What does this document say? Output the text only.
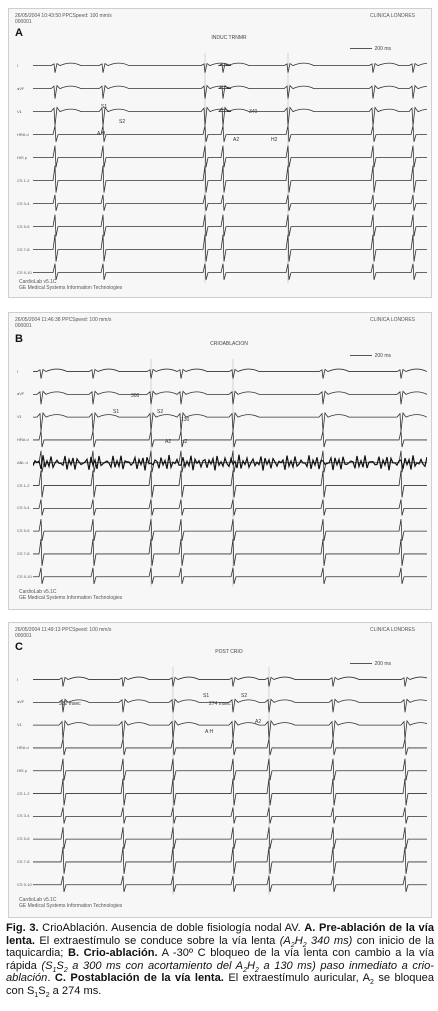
26/05/2004 10:43:50 PPCSpeed: 100 mm/s
000001
CLINICA LONDRES
A	INDUC TRNMR
200 ms
I
aVF
V1
HRA d
HIS p
CS 1-2
CS 3-4
CS 5-6
CS 7-8
CS 9-10
S1
S2
A H
340
A2	H2
CardioLab v5.1C
GE Medical Systems Information Technologies
26/05/2004 11:46:38 PPCSpeed: 100 mm/s
000001
CLINICA LONDRES
B	CRIOABLACION
200 ms
I
aVF
V1
HRA d
ABL d
CS 1-2
CS 3-4
CS 5-6
CS 7-8
CS 9-10
S1
300
S2
130
A2 H2
CardioLab v5.1C
GE Medical Systems Information Technologies
26/05/2004 11:49:13 PPCSpeed: 100 mm/s
000001
CLINICA LONDRES
C	POST CRIO
200 ms
I
aVF
V1
HRA d
HIS p
CS 1-2
CS 3-4
CS 5-6
CS 7-8
CS 9-10
332 msec
S1
274 msec
S2
A H
A2
CardioLab v5.1C
GE Medical Systems Information Technologies
Fig. 3. CrioAblación. Ausencia de doble fisiología nodal AV. A. Pre-ablación de la vía lenta. El extraestímulo se conduce sobre la vía lenta ($A_2H_2$ 340 ms) con inicio de la taquicardia; B. Crio-ablación. A -30º C bloqueo de la vía lenta con cambio a la vía rápida ($S_1S_2$ a 300 ms con acortamiento del $A_2H_2$ a 130 ms) paso inmediato a crio-ablación. C. Postablación de la vía lenta. El extraestímulo auricular, $A_2$ se bloquea con $S_1S_2$ a 274 ms.
